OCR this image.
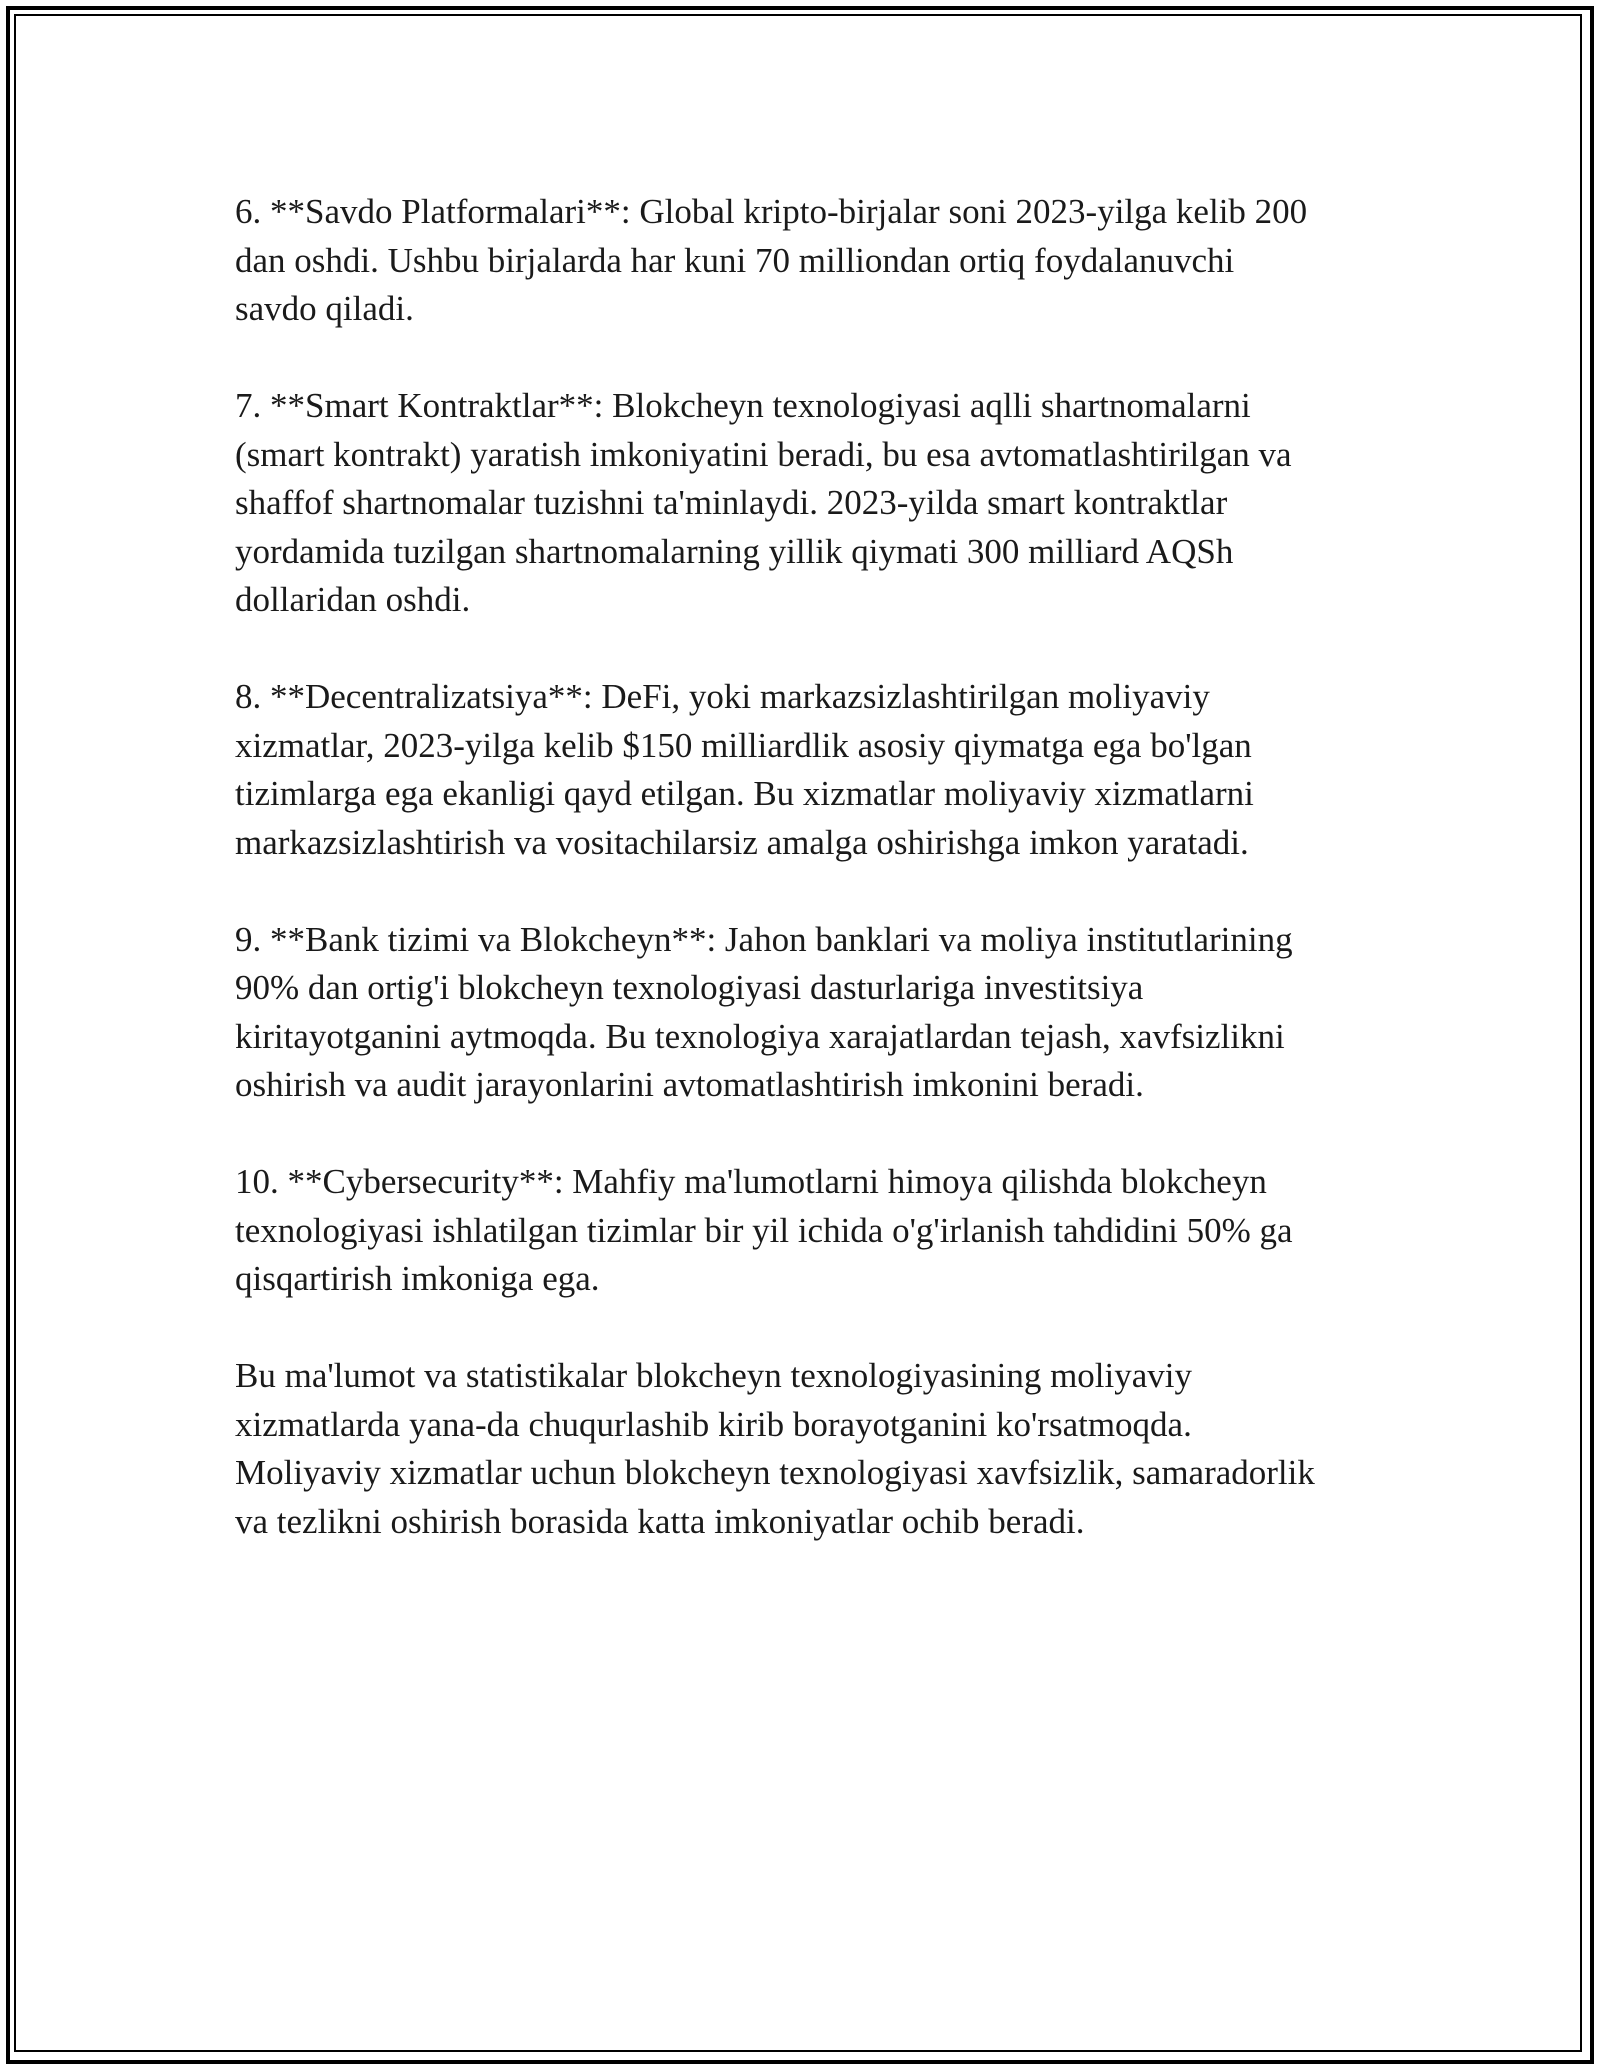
6. **Savdo Platformalari**: Global kripto-birjalar soni 2023-yilga kelib 200
dan oshdi. Ushbu birjalarda har kuni 70 milliondan ortiq foydalanuvchi
savdo qiladi.

7. **Smart Kontraktlar**: Blokcheyn texnologiyasi aqlli shartnomalarni
(smart kontrakt) yaratish imkoniyatini beradi, bu esa avtomatlashtirilgan va
shaffof shartnomalar tuzishni ta'minlaydi. 2023-yilda smart kontraktlar
yordamida tuzilgan shartnomalarning yillik qiymati 300 milliard AQSh
dollaridan oshdi.

8. **Decentralizatsiya**: DeFi, yoki markazsizlashtirilgan moliyaviy
xizmatlar, 2023-yilga kelib $150 milliardlik asosiy qiymatga ega bo'lgan
tizimlarga ega ekanligi qayd etilgan. Bu xizmatlar moliyaviy xizmatlarni
markazsizlashtirish va vositachilarsiz amalga oshirishga imkon yaratadi.

9. **Bank tizimi va Blokcheyn**: Jahon banklari va moliya institutlarining
90% dan ortig'i blokcheyn texnologiyasi dasturlariga investitsiya
kiritayotganini aytmoqda. Bu texnologiya xarajatlardan tejash, xavfsizlikni
oshirish va audit jarayonlarini avtomatlashtirish imkonini beradi.

10. **Cybersecurity**: Mahfiy ma'lumotlarni himoya qilishda blokcheyn
texnologiyasi ishlatilgan tizimlar bir yil ichida o'g'irlanish tahdidini 50% ga
qisqartirish imkoniga ega.

Bu ma'lumot va statistikalar blokcheyn texnologiyasining moliyaviy
xizmatlarda yana-da chuqurlashib kirib borayotganini ko'rsatmoqda.
Moliyaviy xizmatlar uchun blokcheyn texnologiyasi xavfsizlik, samaradorlik
va tezlikni oshirish borasida katta imkoniyatlar ochib beradi.
